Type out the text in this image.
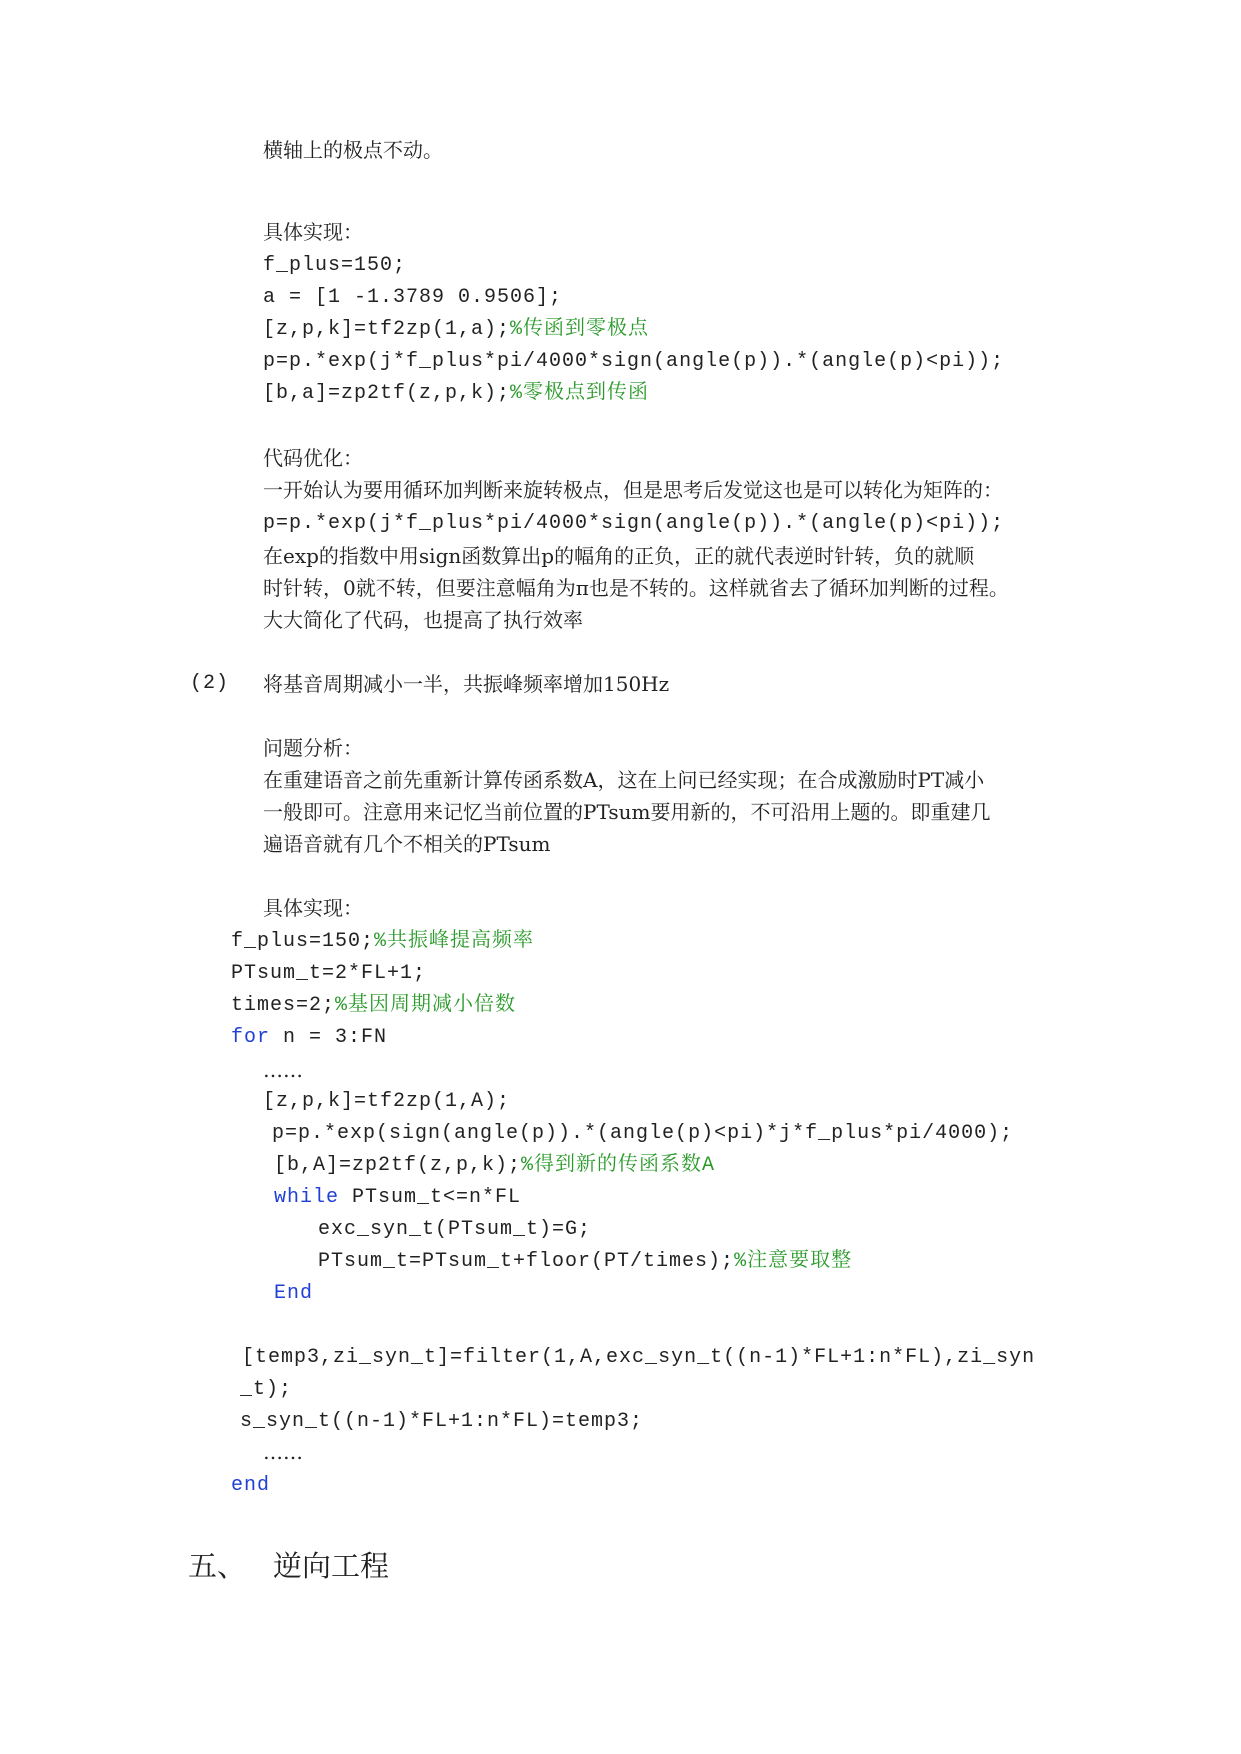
横轴上的极点不动。
具体实现：
f_plus=150;
a = [1 -1.3789 0.9506];
[z,p,k]=tf2zp(1,a);%传函到零极点
p=p.*exp(j*f_plus*pi/4000*sign(angle(p)).*(angle(p)<pi));
[b,a]=zp2tf(z,p,k);%零极点到传函
代码优化：
一开始认为要用循环加判断来旋转极点，但是思考后发觉这也是可以转化为矩阵的：
p=p.*exp(j*f_plus*pi/4000*sign(angle(p)).*(angle(p)<pi));
在exp的指数中用sign函数算出p的幅角的正负，正的就代表逆时针转，负的就顺
时针转，0就不转，但要注意幅角为π也是不转的。这样就省去了循环加判断的过程。
大大简化了代码，也提高了执行效率
(2) 将基音周期减小一半，共振峰频率增加150Hz
问题分析：
在重建语音之前先重新计算传函系数A，这在上问已经实现；在合成激励时PT减小
一般即可。注意用来记忆当前位置的PTsum要用新的，不可沿用上题的。即重建几
遍语音就有几个不相关的PTsum
具体实现：
f_plus=150;%共振峰提高频率
PTsum_t=2*FL+1;
times=2;%基因周期减小倍数
for n = 3:FN
……
[z,p,k]=tf2zp(1,A);
p=p.*exp(sign(angle(p)).*(angle(p)<pi)*j*f_plus*pi/4000);
[b,A]=zp2tf(z,p,k);%得到新的传函系数A
while PTsum_t<=n*FL
exc_syn_t(PTsum_t)=G;
PTsum_t=PTsum_t+floor(PT/times);%注意要取整
End
[temp3,zi_syn_t]=filter(1,A,exc_syn_t((n-1)*FL+1:n*FL),zi_syn
_t);
s_syn_t((n-1)*FL+1:n*FL)=temp3;
……
end
五、 逆向工程
